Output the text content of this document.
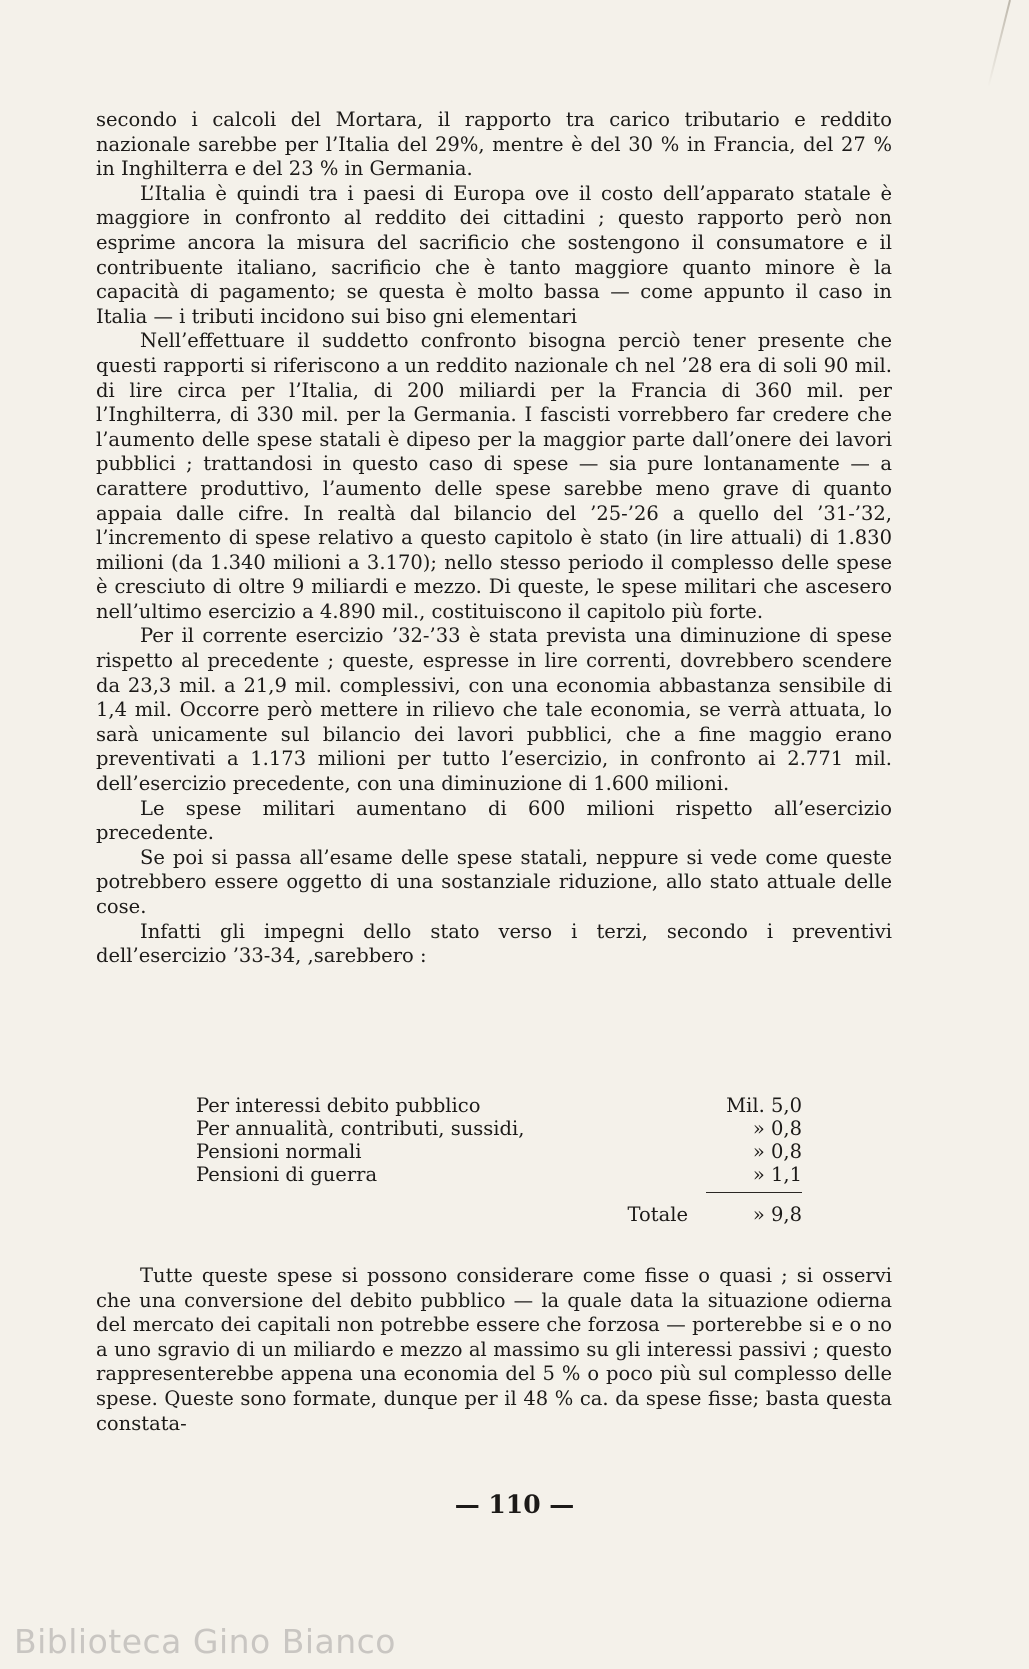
secondo i calcoli del Mortara, il rapporto tra carico tributario e reddito nazionale sarebbe per l’Italia del 29%, mentre è del 30 % in Francia, del 27 % in Inghilterra e del 23 % in Germania.

L’Italia è quindi tra i paesi di Europa ove il costo dell’apparato statale è maggiore in confronto al reddito dei cittadini ; questo rapporto però non esprime ancora la misura del sacrificio che sostengono il consumatore e il contribuente italiano, sacrificio che è tanto maggiore quanto minore è la capacità di pagamento; se questa è molto bassa — come appunto il caso in Italia — i tributi incidono sui biso gni elementari

Nell’effettuare il suddetto confronto bisogna perciò tener presente che questi rapporti si riferiscono a un reddito nazionale ch nel ’28 era di soli 90 mil. di lire circa per l’Italia, di 200 miliardi per la Francia di 360 mil. per l’Inghilterra, di 330 mil. per la Germania. I fascisti vorrebbero far credere che l’aumento delle spese statali è dipeso per la maggior parte dall’onere dei lavori pubblici ; trattandosi in questo caso di spese — sia pure lontanamente — a carattere produttivo, l’aumento delle spese sarebbe meno grave di quanto appaia dalle cifre. In realtà dal bilancio del ’25-’26 a quello del ’31-’32, l’incremento di spese relativo a questo capitolo è stato (in lire attuali) di 1.830 milioni (da 1.340 milioni a 3.170); nello stesso periodo il complesso delle spese è cresciuto di oltre 9 miliardi e mezzo. Di queste, le spese militari che ascesero nell’ultimo esercizio a 4.890 mil., costituiscono il capitolo più forte.

Per il corrente esercizio ’32-’33 è stata prevista una diminuzione di spese rispetto al precedente ; queste, espresse in lire correnti, dovrebbero scendere da 23,3 mil. a 21,9 mil. complessivi, con una economia abbastanza sensibile di 1,4 mil. Occorre però mettere in rilievo che tale economia, se verrà attuata, lo sarà unicamente sul bilancio dei lavori pubblici, che a fine maggio erano preventivati a 1.173 milioni per tutto l’esercizio, in confronto ai 2.771 mil. dell’esercizio precedente, con una diminuzione di 1.600 milioni.

Le spese militari aumentano di 600 milioni rispetto all’esercizio precedente.

Se poi si passa all’esame delle spese statali, neppure si vede come queste potrebbero essere oggetto di una sostanziale riduzione, allo stato attuale delle cose.

Infatti gli impegni dello stato verso i terzi, secondo i preventivi dell’esercizio ’33-34, ,sarebbero :

Per interessi debito pubblico	Mil. 5,0
Per annualità, contributi, sussidi,	» 0,8
Pensioni normali	» 0,8
Pensioni di guerra	» 1,1
Totale	» 9,8

Tutte queste spese si possono considerare come fisse o quasi ; si osservi che una conversione del debito pubblico — la quale data la situazione odierna del mercato dei capitali non potrebbe essere che forzosa — porterebbe si e o no a uno sgravio di un miliardo e mezzo al massimo su gli interessi passivi ; questo rappresenterebbe appena una economia del 5 % o poco più sul complesso delle spese. Queste sono formate, dunque per il 48 % ca. da spese fisse; basta questa constata-

— 110 —
Biblioteca Gino Bianco
